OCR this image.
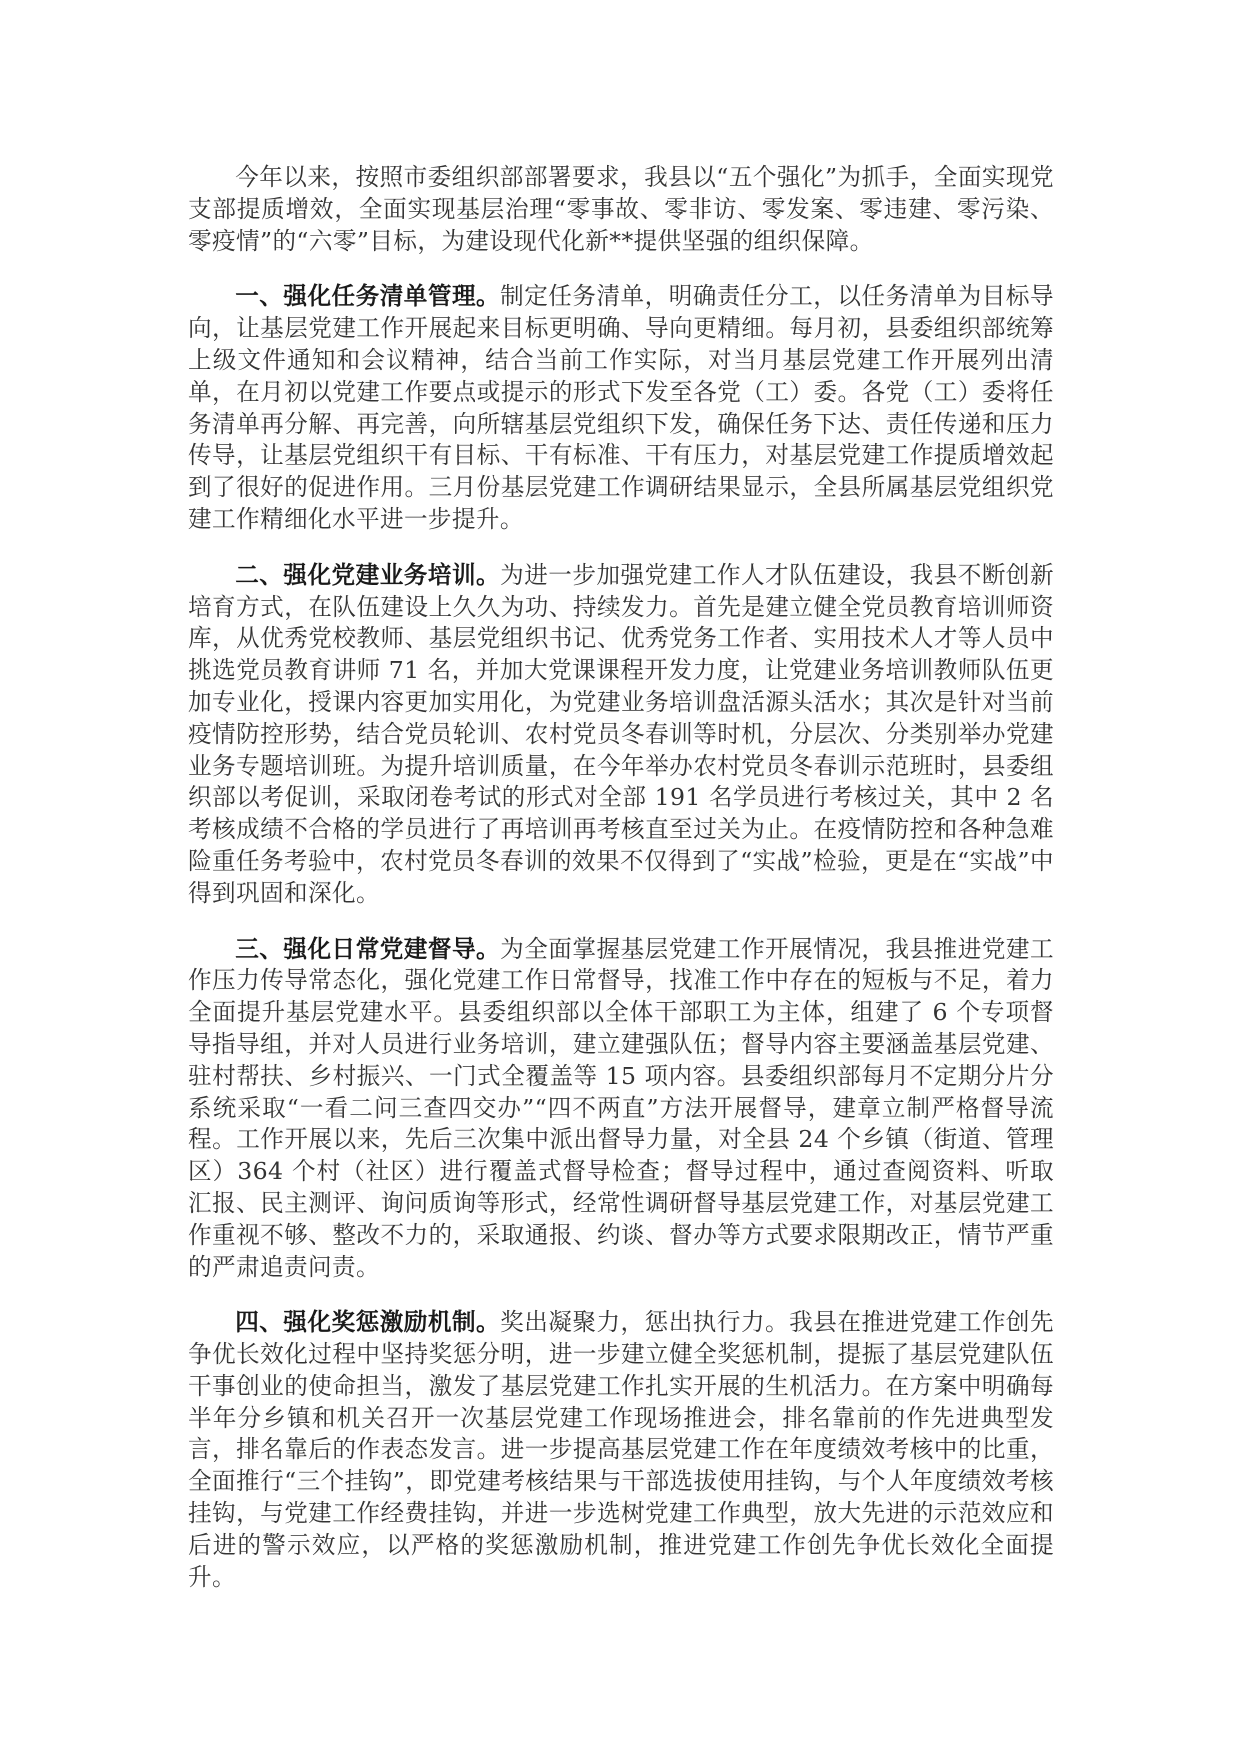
今年以来，按照市委组织部部署要求，我县以“五个强化”为抓手，全面实现党支部提质增效，全面实现基层治理“零事故、零非访、零发案、零违建、零污染、零疫情”的“六零”目标，为建设现代化新**提供坚强的组织保障。

一、强化任务清单管理。制定任务清单，明确责任分工，以任务清单为目标导向，让基层党建工作开展起来目标更明确、导向更精细。每月初，县委组织部统筹上级文件通知和会议精神，结合当前工作实际，对当月基层党建工作开展列出清单，在月初以党建工作要点或提示的形式下发至各党（工）委。各党（工）委将任务清单再分解、再完善，向所辖基层党组织下发，确保任务下达、责任传递和压力传导，让基层党组织干有目标、干有标准、干有压力，对基层党建工作提质增效起到了很好的促进作用。三月份基层党建工作调研结果显示，全县所属基层党组织党建工作精细化水平进一步提升。

二、强化党建业务培训。为进一步加强党建工作人才队伍建设，我县不断创新培育方式，在队伍建设上久久为功、持续发力。首先是建立健全党员教育培训师资库，从优秀党校教师、基层党组织书记、优秀党务工作者、实用技术人才等人员中挑选党员教育讲师 71 名，并加大党课课程开发力度，让党建业务培训教师队伍更加专业化，授课内容更加实用化，为党建业务培训盘活源头活水；其次是针对当前疫情防控形势，结合党员轮训、农村党员冬春训等时机，分层次、分类别举办党建业务专题培训班。为提升培训质量，在今年举办农村党员冬春训示范班时，县委组织部以考促训，采取闭卷考试的形式对全部 191 名学员进行考核过关，其中 2 名考核成绩不合格的学员进行了再培训再考核直至过关为止。在疫情防控和各种急难险重任务考验中，农村党员冬春训的效果不仅得到了“实战”检验，更是在“实战”中得到巩固和深化。

三、强化日常党建督导。为全面掌握基层党建工作开展情况，我县推进党建工作压力传导常态化，强化党建工作日常督导，找准工作中存在的短板与不足，着力全面提升基层党建水平。县委组织部以全体干部职工为主体，组建了 6 个专项督导指导组，并对人员进行业务培训，建立建强队伍；督导内容主要涵盖基层党建、驻村帮扶、乡村振兴、一门式全覆盖等 15 项内容。县委组织部每月不定期分片分系统采取“一看二问三查四交办”“四不两直”方法开展督导，建章立制严格督导流程。工作开展以来，先后三次集中派出督导力量，对全县 24 个乡镇（街道、管理区）364 个村（社区）进行覆盖式督导检查；督导过程中，通过查阅资料、听取汇报、民主测评、询问质询等形式，经常性调研督导基层党建工作，对基层党建工作重视不够、整改不力的，采取通报、约谈、督办等方式要求限期改正，情节严重的严肃追责问责。

四、强化奖惩激励机制。奖出凝聚力，惩出执行力。我县在推进党建工作创先争优长效化过程中坚持奖惩分明，进一步建立健全奖惩机制，提振了基层党建队伍干事创业的使命担当，激发了基层党建工作扎实开展的生机活力。在方案中明确每半年分乡镇和机关召开一次基层党建工作现场推进会，排名靠前的作先进典型发言，排名靠后的作表态发言。进一步提高基层党建工作在年度绩效考核中的比重，全面推行“三个挂钩”，即党建考核结果与干部选拔使用挂钩，与个人年度绩效考核挂钩，与党建工作经费挂钩，并进一步选树党建工作典型，放大先进的示范效应和后进的警示效应，以严格的奖惩激励机制，推进党建工作创先争优长效化全面提升。
